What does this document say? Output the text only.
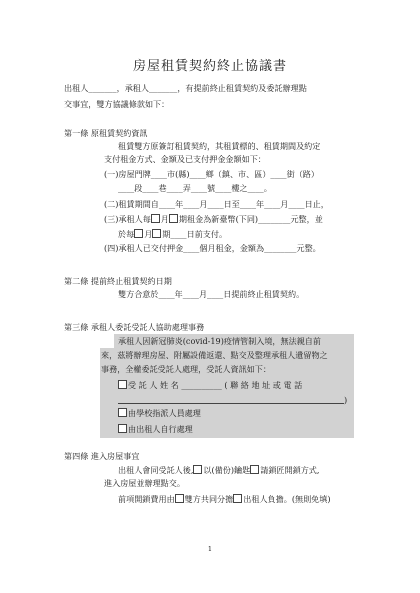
房屋租賃契約終止協議書
出租人_______，承租人_______，有提前終止租賃契約及委託辦理點
交事宜，雙方協議條款如下：
第一條 原租賃契約資訊
租賃雙方原簽訂租賃契約，其租賃標的、租賃期間及約定
支付租金方式、金額及已支付押金金額如下：
(一)房屋門牌____市(縣)____鄉（鎮、市、區）____街（路）
____段____巷____弄____號____樓之____。
(二)租賃期間自____年____月____日至____年____月____日止，
(三)承租人每 月 期租金為新臺幣(下同)________元整，並
於每 月 期____日前支付。
(四)承租人已交付押金____個月租金，金額為________元整。
第二條 提前終止租賃契約日期
雙方合意於____年____月____日提前終止租賃契約。
第三條 承租人委託受託人協助處理事務
承租人因新冠肺炎(covid-19)疫情管制入境，無法親自前
來，茲將辦理房屋、附屬設備返還、點交及整理承租人遺留物之
事務，全權委託受託人處理，受託人資訊如下：
受 託 人 姓 名 __________ ( 聯 絡 地 址 或 電 話
)
由學校指派人員處理
由出租人自行處理
第四條 進入房屋事宜
出租人會同受託人後, 以(備份)鑰匙 請鎖匠開鎖方式,
進入房屋並辦理點交。
前項開鎖費用由 雙方共同分擔 出租人負擔。(無則免填)
1
